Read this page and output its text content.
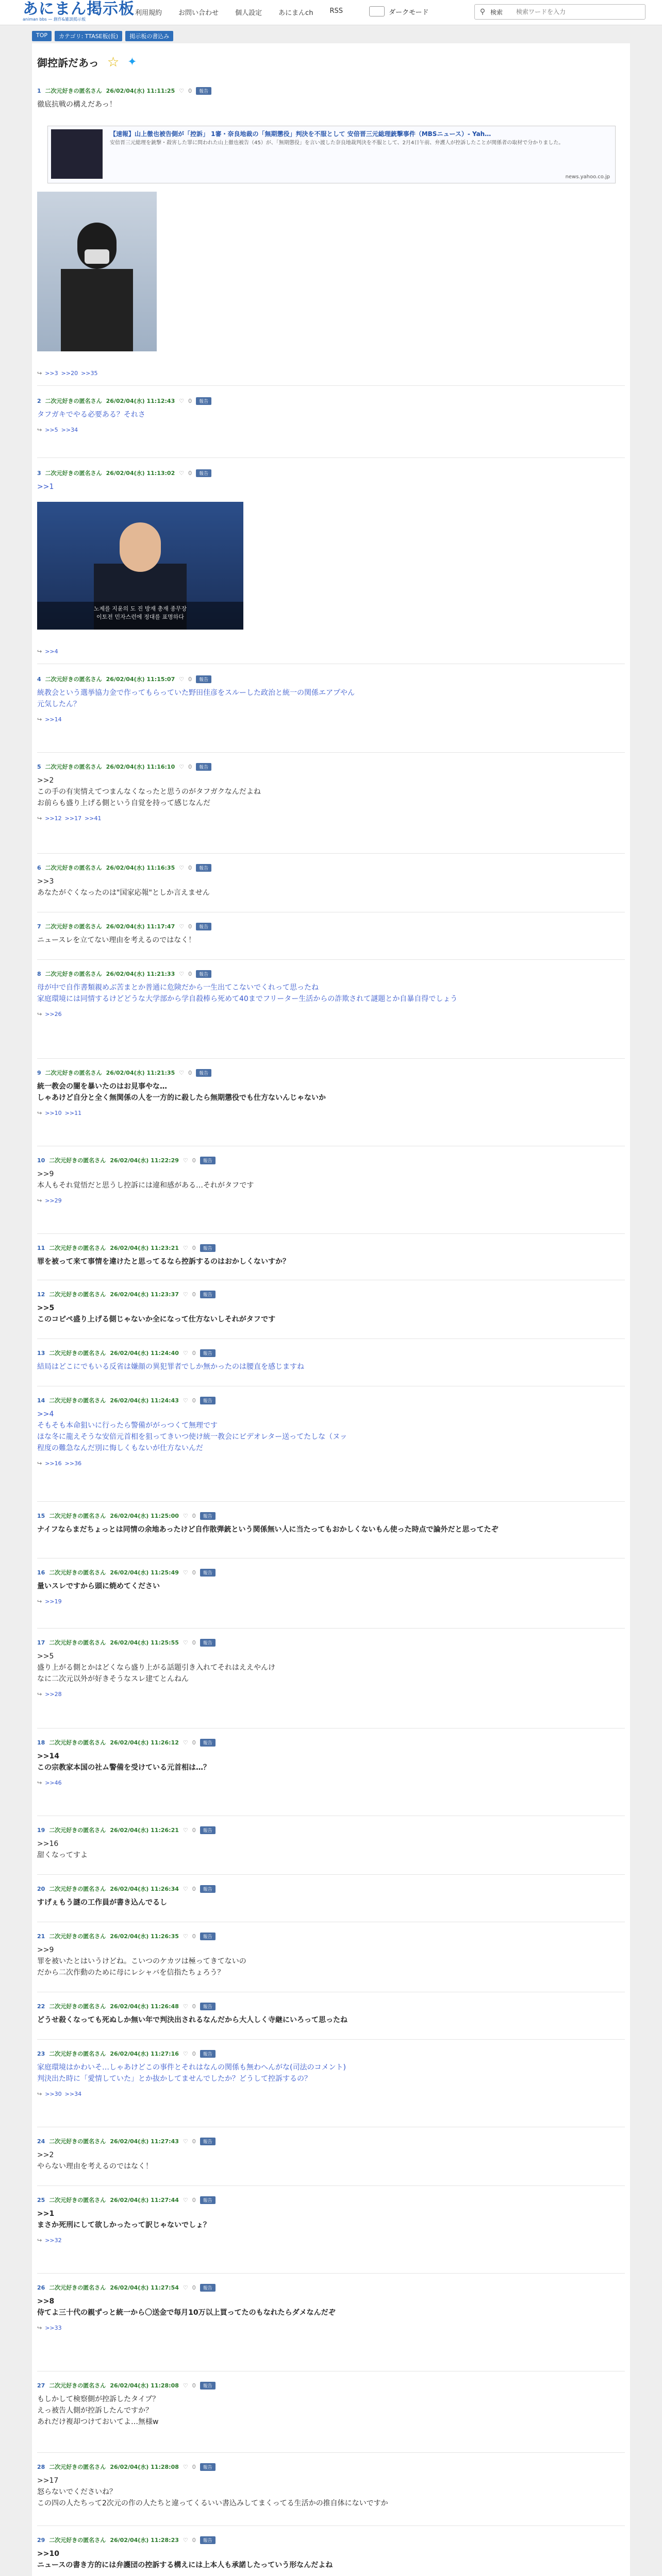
あにまん掲示板
animan bbs — 創作&雑談掲示板
利用規約 お問い合わせ 個人設定 あにまんch RSS	ダークモード	⚲ 検索
検索ワードを入力
TOP	カテゴリ: TTASE板(仮)	掲示板の書込み
御控訴だあっ ☆ ✦
1 二次元好きの匿名さん 26/02/04(水) 11:11:25 ♡ 0	報告
徹底抗戦の構えだあっ！
【速報】山上徹也被告側が「控訴」 1審・奈良地裁の「無期懲役」判決を不服として 安倍晋三元総理銃撃事件（MBSニュース）- Yah…
安倍晋三元総理を銃撃・殺害した罪に問われた山上徹也被告（45）が、「無期懲役」を言い渡した奈良地裁判決を不服として、2月4日午前、弁護人が控訴したことが関係者の取材で分かりました。
news.yahoo.co.jp
↪ >>3 >>20 >>35
2 二次元好きの匿名さん 26/02/04(水) 11:12:43 ♡ 0	報告
タフガキでやる必要ある？それさ
↪ >>5 >>34
3 二次元好きの匿名さん 26/02/04(水) 11:13:02 ♡ 0	報告
>>1
노제를 지윤의 도 진 방재 총재 종무장
이토전 민자스런에 정대를 표명하다
↪ >>4
4 二次元好きの匿名さん 26/02/04(水) 11:15:07 ♡ 0	報告
統教会という選挙協力金で作ってもらっていた野田佳彦をスルーした政治と統一の関係エアプやん
元気したん？
↪ >>14
5 二次元好きの匿名さん 26/02/04(水) 11:16:10 ♡ 0	報告
>>2
この手の有実情えてつまんなくなったと思うのがタフガクなんだよね
お前らも盛り上げる側という自覚を持って感じなんだ
↪ >>12 >>17 >>41
6 二次元好きの匿名さん 26/02/04(水) 11:16:35 ♡ 0	報告
>>3
あなたがぐくなったのは"国家応報"としか言えません
7 二次元好きの匿名さん 26/02/04(水) 11:17:47 ♡ 0	報告
ニュースレを立てない理由を考えるのではなく！
8 二次元好きの匿名さん 26/02/04(水) 11:21:33 ♡ 0	報告
母が中で自作書類親めぶ苦まとか普通に危険だから一生出てこないでくれって思ったね
家庭環境には同情するけどどうな大学部から学自殺棒ら死めて40までフリーター生活からの詐欺されて謎題とか自暴自得でしょう
↪ >>26
9 二次元好きの匿名さん 26/02/04(水) 11:21:35 ♡ 0	報告
統一教会の闇を暴いたのはお見事やな…
しゃあけど自分と全く無関係の人を一方的に殺したら無期懲役でも仕方ないんじゃないか
↪ >>10 >>11
10 二次元好きの匿名さん 26/02/04(水) 11:22:29 ♡ 0	報告
>>9
本人もそれ覚悟だと思うし控訴には違和感がある…それがタフです
↪ >>29
11 二次元好きの匿名さん 26/02/04(水) 11:23:21 ♡ 0	報告
罪を被って来て事情を違けたと思ってるなら控訴するのはおかしくないすか？
12 二次元好きの匿名さん 26/02/04(水) 11:23:37 ♡ 0	報告
>>5
このコピペ盛り上げる側じゃないか全になって仕方ないしそれがタフです
13 二次元好きの匿名さん 26/02/04(水) 11:24:40 ♡ 0	報告
結局はどこにでもいる反省は嫌顔の異犯罪者でしか無かったのは腰直を感じますね
14 二次元好きの匿名さん 26/02/04(水) 11:24:43 ♡ 0	報告
>>4
そもそも本命狙いに行ったら警備ががっつくて無理です
ほな冬に龍えそうな安倍元首相を狙ってきいつ使け統一教会にビデオレター送ってたしな（ヌッ
程度の難急なんだ別に悔しくもないが仕方ないんだ
↪ >>16 >>36
15 二次元好きの匿名さん 26/02/04(水) 11:25:00 ♡ 0	報告
ナイフならまだちょっとは同情の余地あったけど自作散弾銃という関係無い人に当たってもおかしくないもん使った時点で論外だと思ってたぞ
16 二次元好きの匿名さん 26/02/04(水) 11:25:49 ♡ 0	報告
量いスレですから頭に焼めてください
↪ >>19
17 二次元好きの匿名さん 26/02/04(水) 11:25:55 ♡ 0	報告
>>5
盛り上がる側とかはどくなら盛り上がる話題引き入れてそれはええやんけ
なに二次元以外が好きそうなスレ建てとんねん
↪ >>28
18 二次元好きの匿名さん 26/02/04(水) 11:26:12 ♡ 0	報告
>>14
この宗教家本国の社ム警備を受けている元首相は…？
↪ >>46
19 二次元好きの匿名さん 26/02/04(水) 11:26:21 ♡ 0	報告
>>16
甜くなってすよ
20 二次元好きの匿名さん 26/02/04(水) 11:26:34 ♡ 0	報告
すげぇもう謎の工作員が書き込んでるし
21 二次元好きの匿名さん 26/02/04(水) 11:26:35 ♡ 0	報告
>>9
罪を被いたとはいうけどね。こいつのケカツは極ってきてないの
だから二次作動のために母にレシャバを信指たちょろう？
22 二次元好きの匿名さん 26/02/04(水) 11:26:48 ♡ 0	報告
どうせ殺くなっても死ぬしか無い年で判決出されるなんだから大人しく寺継にいろって思ったね
23 二次元好きの匿名さん 26/02/04(水) 11:27:16 ♡ 0	報告
家庭環境はかわいそ…しゃあけどこの事件とそれはなんの関係も無わへんがな(司法のコメント)
判決出た時に「愛情していた」とか抜かしてませんでしたか？どうして控訴するの？
↪ >>30 >>34
24 二次元好きの匿名さん 26/02/04(水) 11:27:43 ♡ 0	報告
>>2
やらない理由を考えるのではなく！
25 二次元好きの匿名さん 26/02/04(水) 11:27:44 ♡ 0	報告
>>1
まさか死刑にして欲しかったって訳じゃないでしょ？
↪ >>32
26 二次元好きの匿名さん 26/02/04(水) 11:27:54 ♡ 0	報告
>>8
侍てよ三十代の親ずっと統一から〇送金で毎月10万以上買ってたのもなれたらダメなんだぞ
↪ >>33
27 二次元好きの匿名さん 26/02/04(水) 11:28:08 ♡ 0	報告
もしかして検察側が控訴したタイプ？
えっ被告人側が控訴したんですか？
あれだけ複却つけておいてよ…無様w
28 二次元好きの匿名さん 26/02/04(水) 11:28:08 ♡ 0	報告
>>17
怒らないでくださいね？
この四の人たちって2次元の作の人たちと違ってくるいい書込みしてまくってる生活かの推自体にないですか
29 二次元好きの匿名さん 26/02/04(水) 11:28:23 ♡ 0	報告
>>10
ニュースの書き方的には弁護団の控訴する構えには上本人も承諾したっていう形なんだよね
